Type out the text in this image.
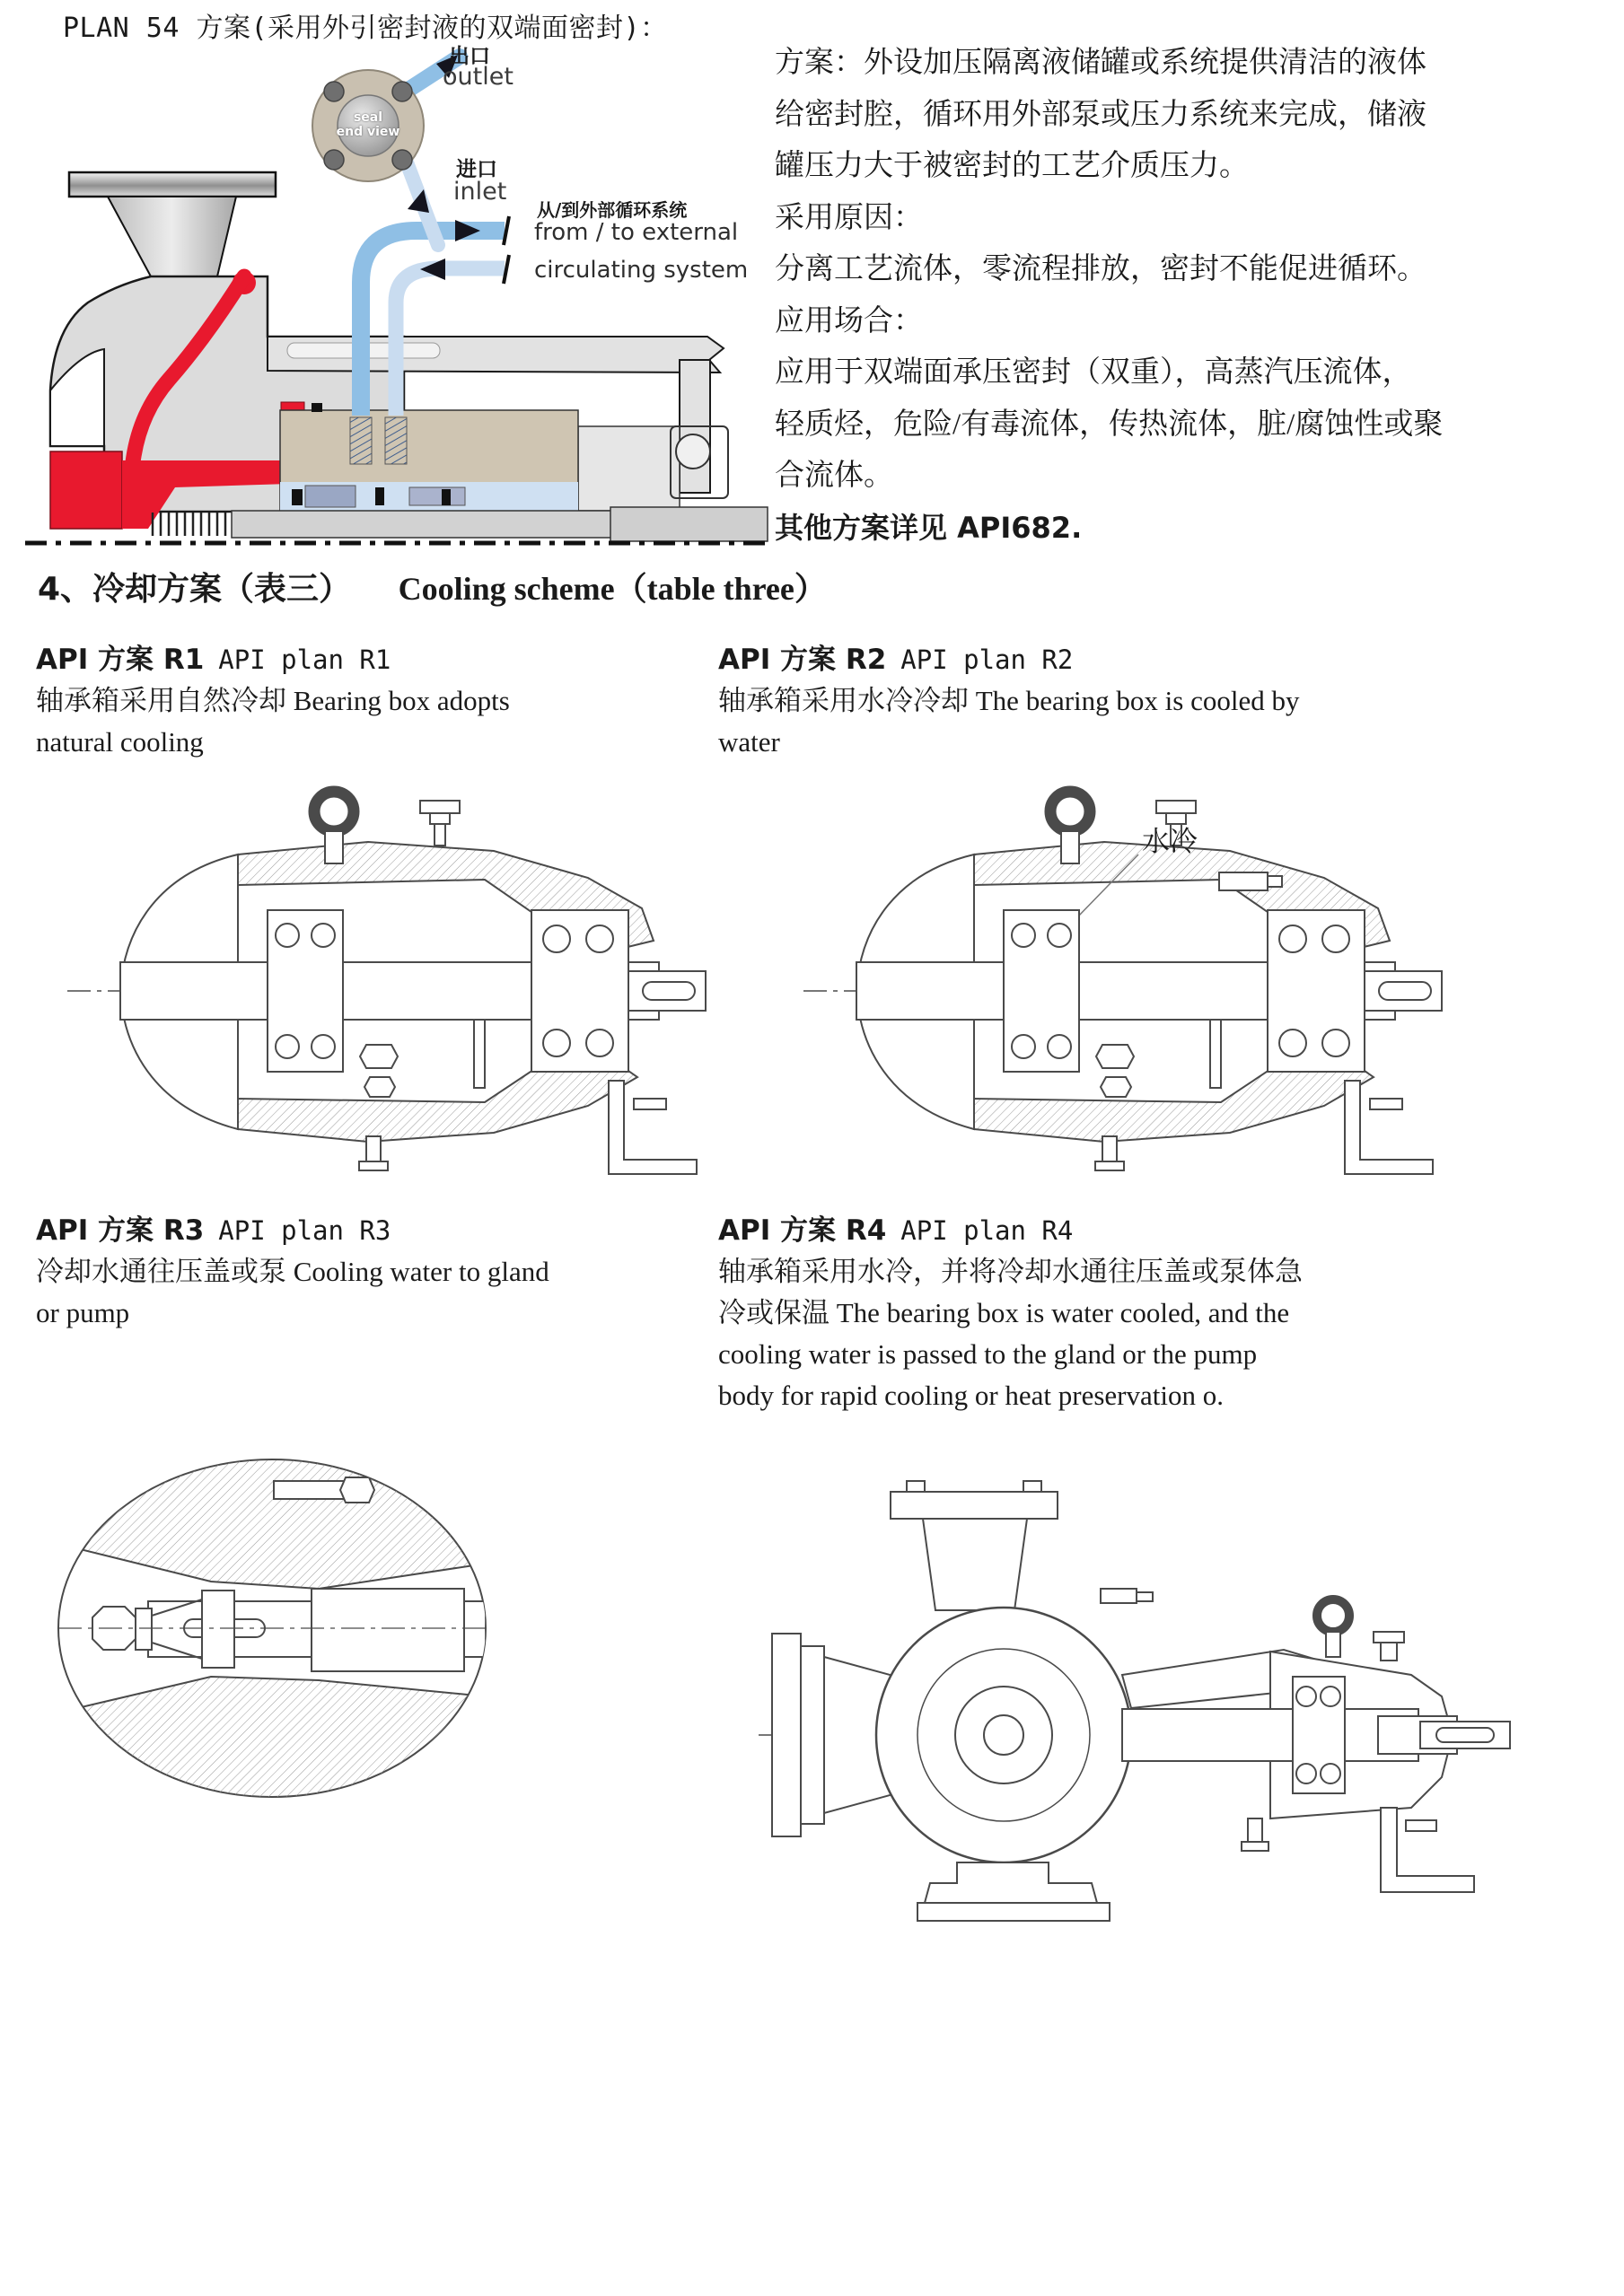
PLAN 54 方案(采用外引密封液的双端面密封)：
seal
end view
出口
outlet
进口
inlet
从/到外部循环系统
from / to external
circulating system
方案：外设加压隔离液储罐或系统提供清洁的液体
给密封腔，循环用外部泵或压力系统来完成，储液
罐压力大于被密封的工艺介质压力。
采用原因：
分离工艺流体，零流程排放，密封不能促进循环。
应用场合：
应用于双端面承压密封（双重），高蒸汽压流体，
轻质烃，危险/有毒流体，传热流体，脏/腐蚀性或聚
合流体。
其他方案详见 API682.
4、冷却方案（表三） Cooling scheme（table three）
API 方案 R1 API plan R1
轴承箱采用自然冷却 Bearing box adopts
natural cooling
API 方案 R2 API plan R2
轴承箱采用水冷冷却 The bearing box is cooled by
water
水冷
API 方案 R3 API plan R3
冷却水通往压盖或泵 Cooling water to gland
or pump
API 方案 R4 API plan R4
轴承箱采用水冷，并将冷却水通往压盖或泵体急
冷或保温 The bearing box is water cooled, and the
cooling water is passed to the gland or the pump
body for rapid cooling or heat preservation o.
